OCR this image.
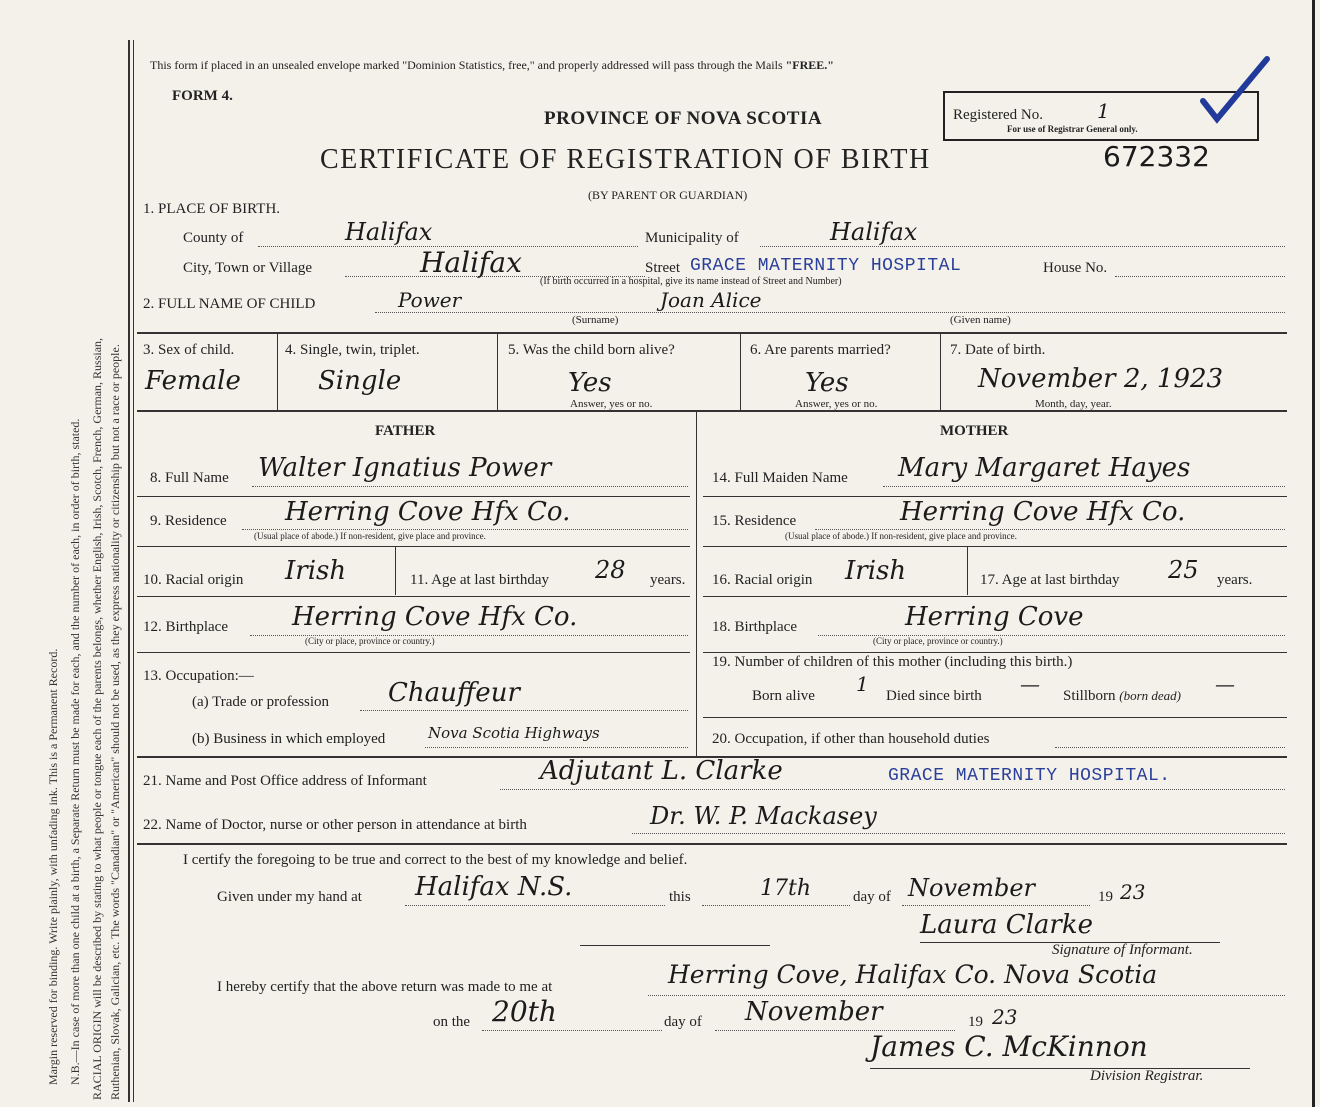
Margin reserved for binding. Write plainly, with unfading ink. This is a Permanent Record. N.B.—In case of more than one child at a birth, a Separate Return must be made for each, and the number of each, in order of birth, stated. RACIAL ORIGIN will be described by stating to what people or tongue each of the parents belongs, whether English, Irish, Scotch, French, German, Russian, Ruthenian, Slovak, Galician, etc. The words "Canadian" or "American" should not be used, as they express nationality or citizenship but not a race or people.
This form if placed in an unsealed envelope marked "Dominion Statistics, free," and properly addressed will pass through the Mails "FREE."
FORM 4.
PROVINCE OF NOVA SCOTIA	Registered No.	1
For use of Registrar General only.
CERTIFICATE OF REGISTRATION OF BIRTH	672332
(BY PARENT OR GUARDIAN)
1. PLACE OF BIRTH.
County of	Halifax	Municipality of	Halifax
City, Town or Village	Halifax	Street GRACE MATERNITY HOSPITAL	House No.
(If birth occurred in a hospital, give its name instead of Street and Number)
2. FULL NAME OF CHILD	Power	Joan Alice
(Surname)	(Given name)
3. Sex of child.
Female
4. Single, twin, triplet.
Single
5. Was the child born alive?
Yes
Answer, yes or no.
6. Are parents married?
Yes
Answer, yes or no.
7. Date of birth.
November 2, 1923
Month, day, year.
FATHER	MOTHER
8. Full Name Walter Ignatius Power
9. Residence Herring Cove Hfx Co.
(Usual place of abode.) If non-resident, give place and province.
10. Racial origin Irish	11. Age at last birthday 28 years.
12. Birthplace Herring Cove Hfx Co.
(City or place, province or country.)
13. Occupation:—
(a) Trade or profession Chauffeur
(b) Business in which employed	Nova Scotia Highways
14. Full Maiden Name Mary Margaret Hayes
15. Residence	Herring Cove Hfx Co.
(Usual place of abode.) If non-resident, give place and province.
16. Racial origin Irish	17. Age at last birthday 25 years.
18. Birthplace	Herring Cove
(City or place, province or country.)
19. Number of children of this mother (including this birth.)
Born alive 1 Died since birth — Stillborn (born dead) —
20. Occupation, if other than household duties
21. Name and Post Office address of Informant	Adjutant L. Clarke	GRACE MATERNITY HOSPITAL.
22. Name of Doctor, nurse or other person in attendance at birth	Dr. W. P. Mackasey
I certify the foregoing to be true and correct to the best of my knowledge and belief.
Given under my hand at Halifax N.S.	this	17th	day of November	19 23
Laura Clarke
Signature of Informant.
I hereby certify that the above return was made to me at	Herring Cove, Halifax Co. Nova Scotia
on the 20th	day of November	19 23
James C. McKinnon
Division Registrar.
